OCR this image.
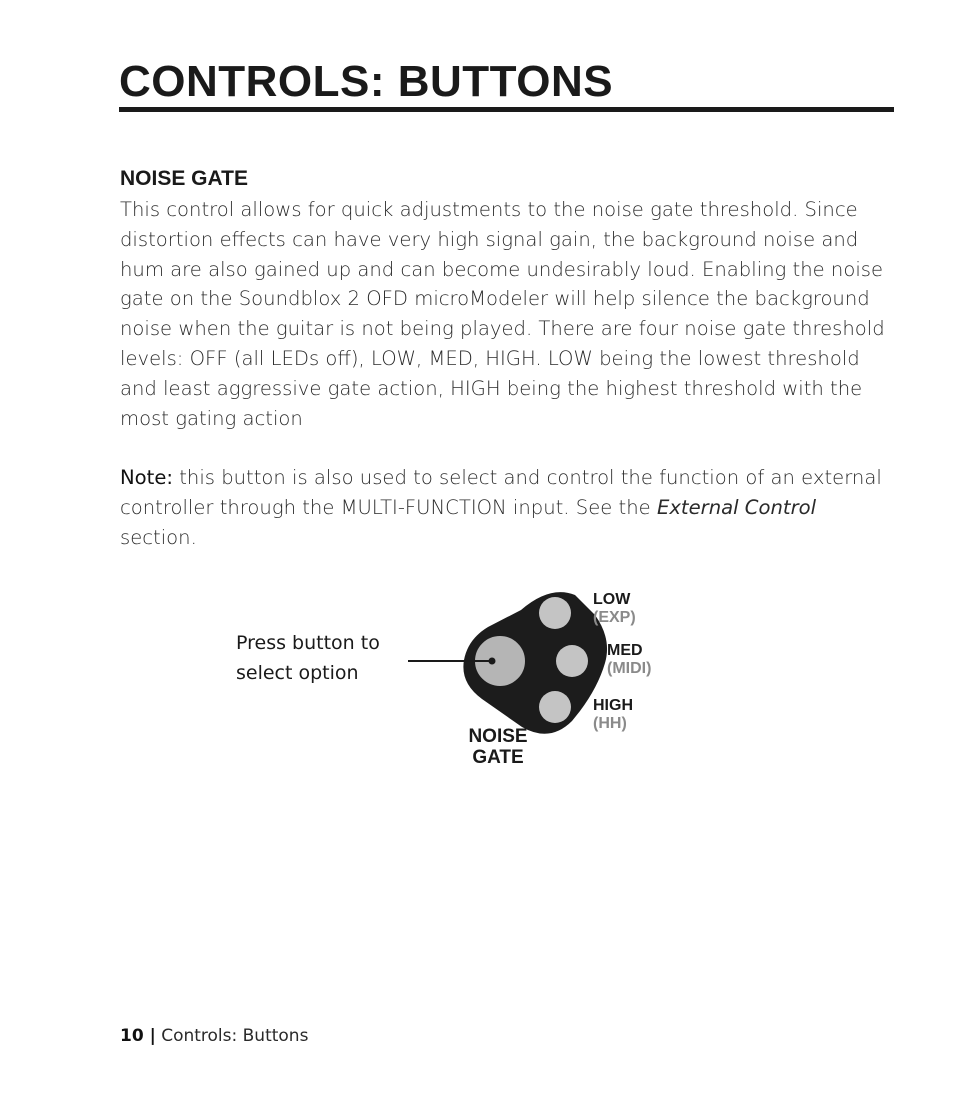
CONTROLS: BUTTONS
NOISE GATE

This control allows for quick adjustments to the noise gate threshold. Since distortion effects can have very high signal gain, the background noise and hum are also gained up and can become undesirably loud. Enabling the noise gate on the Soundblox 2 OFD microModeler will help silence the background noise when the guitar is not being played. There are four noise gate threshold levels: OFF (all LEDs off), LOW, MED, HIGH. LOW being the lowest threshold and least aggressive gate action, HIGH being the highest threshold with the most gating action

Note: this button is also used to select and control the function of an external controller through the MULTI-FUNCTION input. See the External Control section.

Press button to
select option
LOW
(EXP)
MED
(MIDI)
HIGH
(HH)
NOISE
GATE
10 | Controls: Buttons
